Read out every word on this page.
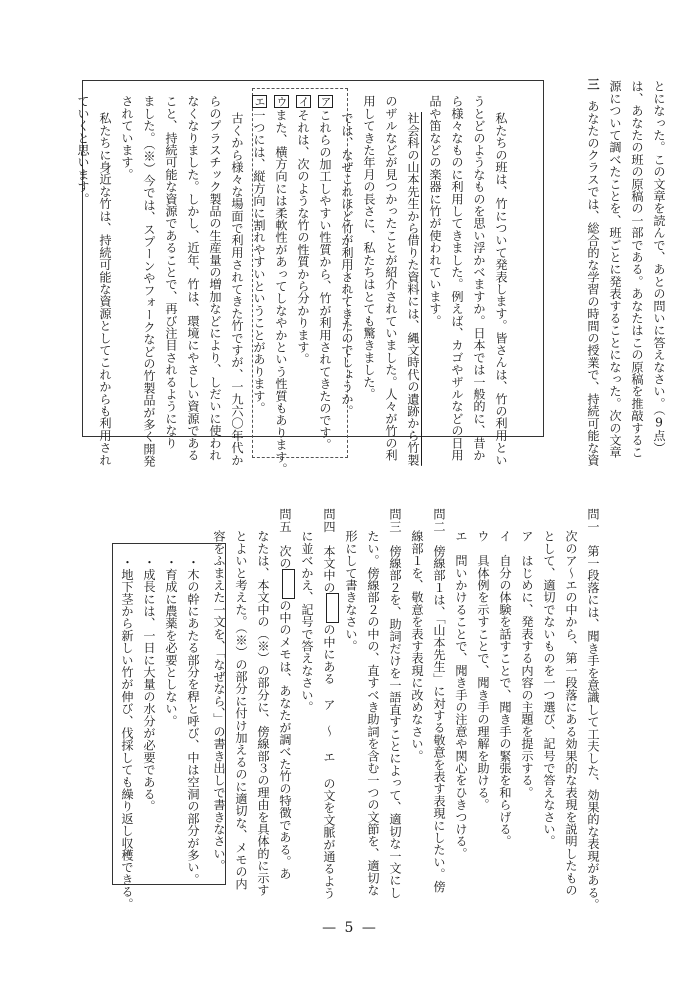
三
あなたのクラスでは、総合的な学習の時間の授業で、持続可能な資 源について調べたことを、班ごとに発表することになった。次の文章 は、あなたの班の原稿の一部である。あなたはこの原稿を推敲するこ とになった。この文章を読んで、あとの問いに答えなさい。（9点）
私たちの班は、竹について発表します。皆さんは、竹の利用とい
うとどのようなものを思い浮かべますか。日本では一般的に、昔か
ら様々なものに利用してきました。例えば、カゴやザルなどの日用
品や笛などの楽器に竹が使われています。
社会科の山本先生から借りた資料には、縄文時代の遺跡から竹製
のザルなどが見つかったことが紹介されていました。人々が竹の利
用してきた年月の長さに、私たちはとても驚きました。
では、なぜこれほど竹が利用されてきたのでしょうか。
アこれらの加工しやすい性質から、竹が利用されてきたのです。
イそれは、次のような竹の性質から分かります。
ウまた、横方向には柔軟性があってしなやかという性質もあります。
エ一つには、縦方向に割れやすいということがあります。
古くから様々な場面で利用されてきた竹ですが、一九六〇年代か
らのプラスチック製品の生産量の増加などにより、しだいに使われ
なくなりました。しかし、近年、竹は、環境にやさしい資源である
こと、持続可能な資源であることで、再び注目されるようになり
ました。（※）今では、スプーンやフォークなどの竹製品が多く開発
されています。
私たちに身近な竹は、持続可能な資源としてこれからも利用され
ていくと思います。
問一　第一段落には、聞き手を意識して工夫した、効果的な表現がある。
次のア〜エの中から、第一段落にある効果的な表現を説明したもの
として、適切でないものを一つ選び、記号で答えなさい。
ア　はじめに、発表する内容の主題を提示する。
イ　自分の体験を話すことで、聞き手の緊張を和らげる。
ウ　具体例を示すことで、聞き手の理解を助ける。
エ　問いかけることで、聞き手の注意や関心をひきつける。
問二　傍線部１は、「山本先生」に対する敬意を表す表現にしたい。傍
線部１を、敬意を表す表現に改めなさい。
問三　傍線部２を、助詞だけを一語直すことによって、適切な一文にし
たい。傍線部２の中の、直すべき助詞を含む一つの文節を、適切な
形にして書きなさい。
問四　本文中のの中にある ア 〜 エ の文を文脈が通るよう
に並べかえ、記号で答えなさい。
問五　次のの中のメモは、あなたが調べた竹の特徴である。あ
なたは、本文中の（※）の部分に、傍線部３の理由を具体的に示す
とよいと考えた。（※）の部分に付け加えるのに適切な、メモの内
容をふまえた一文を、「なぜなら、」の書き出しで書きなさい。
・木の幹にあたる部分を稈と呼び、中は空洞の部分が多い。
・育成に農薬を必要としない。
・成長には、一日に大量の水分が必要である。
・地下茎から新しい竹が伸び、伐採しても繰り返し収穫できる。
— 5 —
